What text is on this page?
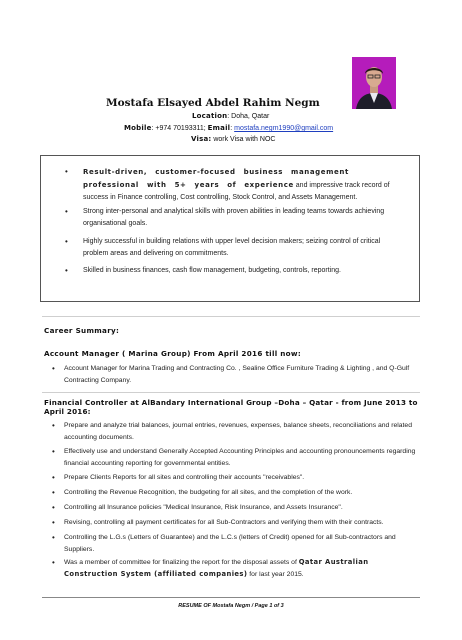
Mostafa Elsayed Abdel Rahim Negm
Location: Doha, Qatar
Mobile: +974 70193311; Email: mostafa.negm1990@gmail.com
Visa: work Visa with NOC
• Result-driven, customer-focused business management professional with 5+ years of experience and impressive track record of success in Finance controlling, Cost controlling, Stock Control, and Assets Management.
• Strong inter-personal and analytical skills with proven abilities in leading teams towards achieving organisational goals.
• Highly successful in building relations with upper level decision makers; seizing control of critical problem areas and delivering on commitments.
• Skilled in business finances, cash flow management, budgeting, controls, reporting.
Career Summary:
Account Manager ( Marina Group) From April 2016 till now:
• Account Manager for Marina Trading and Contracting Co. , Sealine Office Furniture Trading & Lighting , and Q-Gulf Contracting Company.
Financial Controller at AlBandary International Group –Doha – Qatar - from June 2013 to April 2016:
• Prepare and analyze trial balances, journal entries, revenues, expenses, balance sheets, reconciliations and related accounting documents.
• Effectively use and understand Generally Accepted Accounting Principles and accounting pronouncements regarding financial accounting reporting for governmental entities.
• Prepare Clients Reports for all sites and controlling their accounts "receivables".
• Controlling the Revenue Recognition, the budgeting for all sites, and the completion of the work.
• Controlling all Insurance policies "Medical Insurance, Risk Insurance, and Assets Insurance".
• Revising, controlling all payment certificates for all Sub-Contractors and verifying them with their contracts.
• Controlling the L.G.s (Letters of Guarantee) and the L.C.s (letters of Credit) opened for all Sub-contractors and Suppliers.
• Was a member of committee for finalizing the report for the disposal assets of Qatar Australian Construction System (affiliated companies) for last year 2015.
RESUME OF Mostafa Negm / Page 1 of 3
